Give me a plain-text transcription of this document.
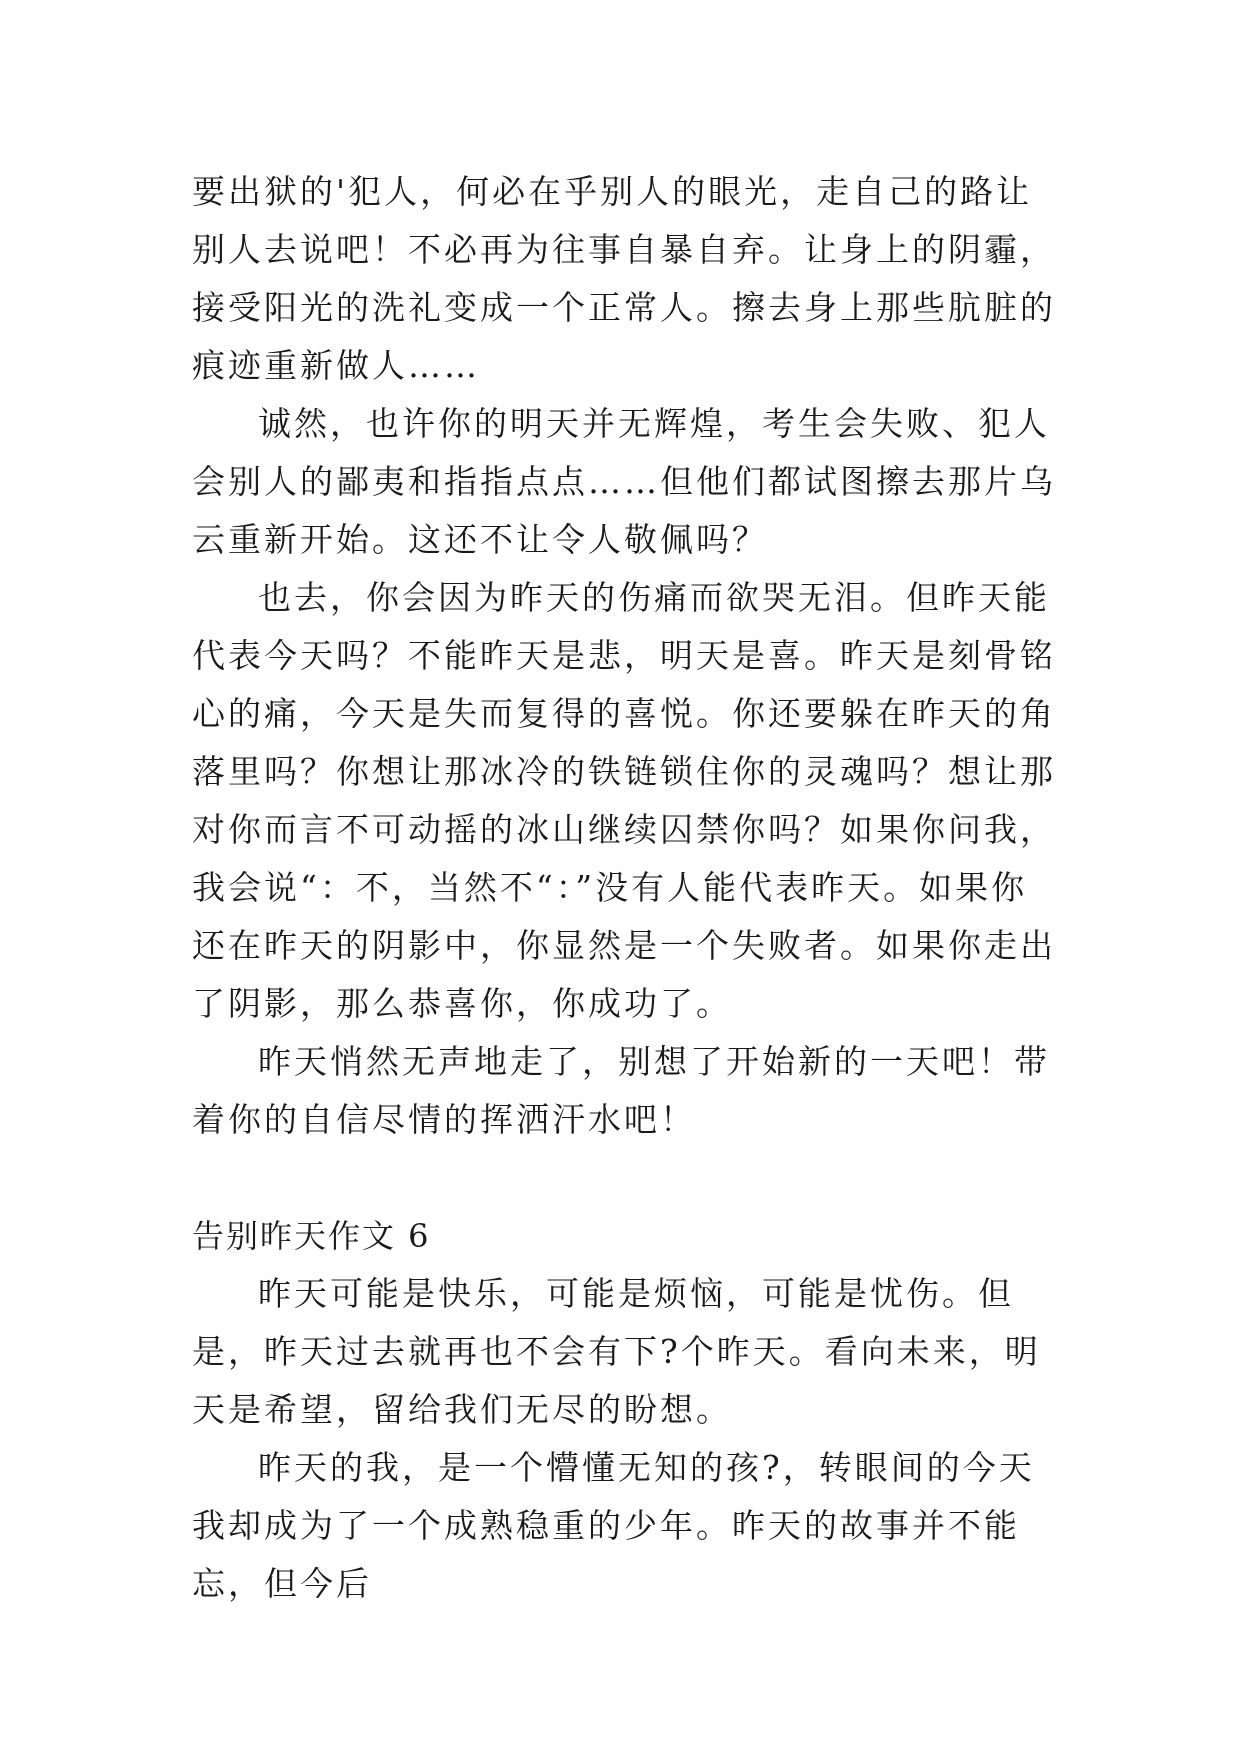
要出狱的'犯人，何必在乎别人的眼光，走自己的路让别人去说吧！不必再为往事自暴自弃。让身上的阴霾，接受阳光的洗礼变成一个正常人。擦去身上那些肮脏的痕迹重新做人……

诚然，也许你的明天并无辉煌，考生会失败、犯人会别人的鄙夷和指指点点……但他们都试图擦去那片乌云重新开始。这还不让令人敬佩吗？

也去，你会因为昨天的伤痛而欲哭无泪。但昨天能代表今天吗？不能昨天是悲，明天是喜。昨天是刻骨铭心的痛，今天是失而复得的喜悦。你还要躲在昨天的角落里吗？你想让那冰冷的铁链锁住你的灵魂吗？想让那对你而言不可动摇的冰山继续囚禁你吗？如果你问我，我会说“：不，当然不“：”没有人能代表昨天。如果你还在昨天的阴影中，你显然是一个失败者。如果你走出了阴影，那么恭喜你，你成功了。

昨天悄然无声地走了，别想了开始新的一天吧！带着你的自信尽情的挥洒汗水吧！

告别昨天作文 6

昨天可能是快乐，可能是烦恼，可能是忧伤。但是，昨天过去就再也不会有下?个昨天。看向未来，明天是希望，留给我们无尽的盼想。

昨天的我，是一个懵懂无知的孩?，转眼间的今天我却成为了一个成熟稳重的少年。昨天的故事并不能忘，但今后
